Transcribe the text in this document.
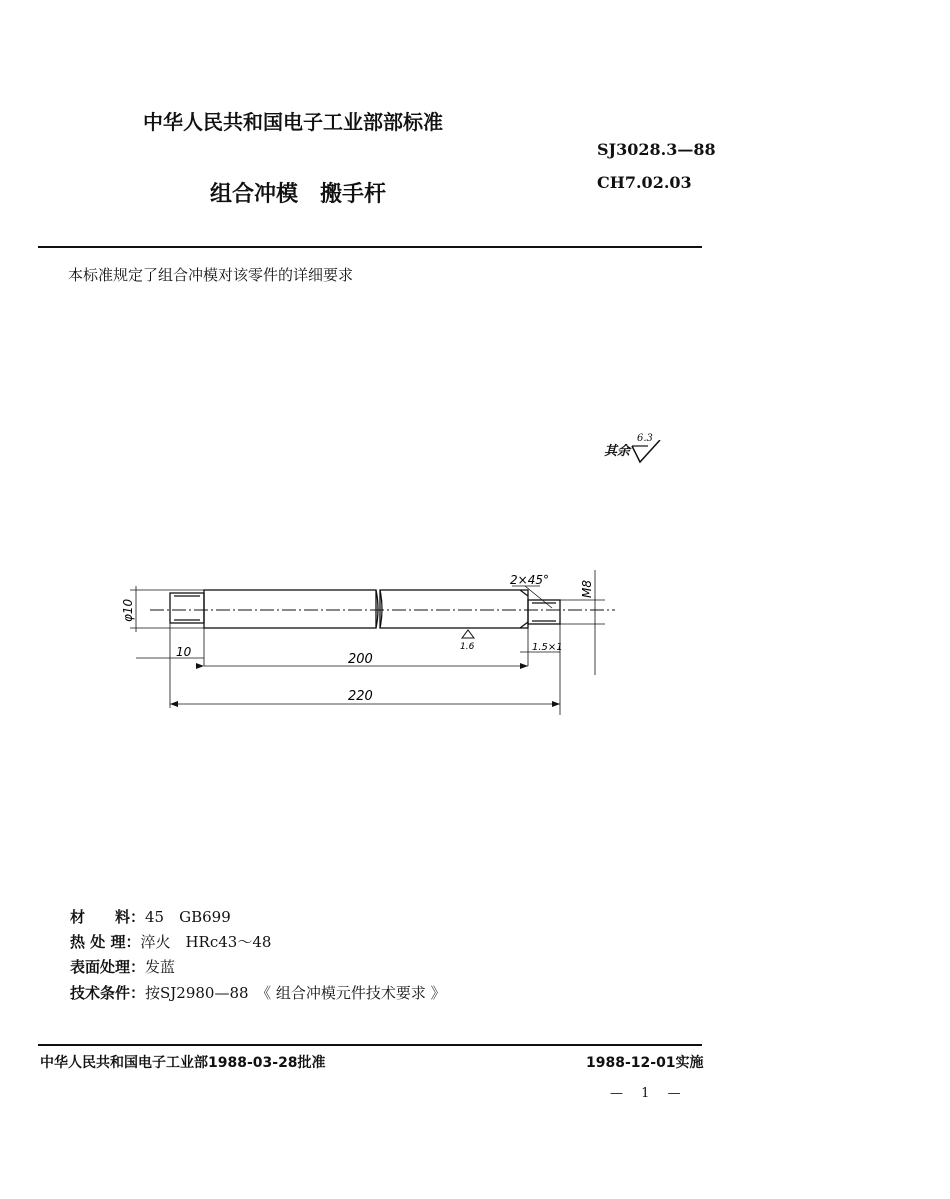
中华人民共和国电子工业部部标准
SJ3028.3—88
组合冲模　搬手杆	CH7.02.03
本标准规定了组合冲模对该零件的详细要求
其余
6.3
φ10
2×45°	M8
10	200
220
1.5×1
1.6
材　　料：45　GB699
热 处 理：淬火　HRc43～48
表面处理：发蓝
技术条件：按SJ2980—88　《 组合冲模元件技术要求 》
中华人民共和国电子工业部1988-03-28批准	1988-12-01实施
— 1 —
